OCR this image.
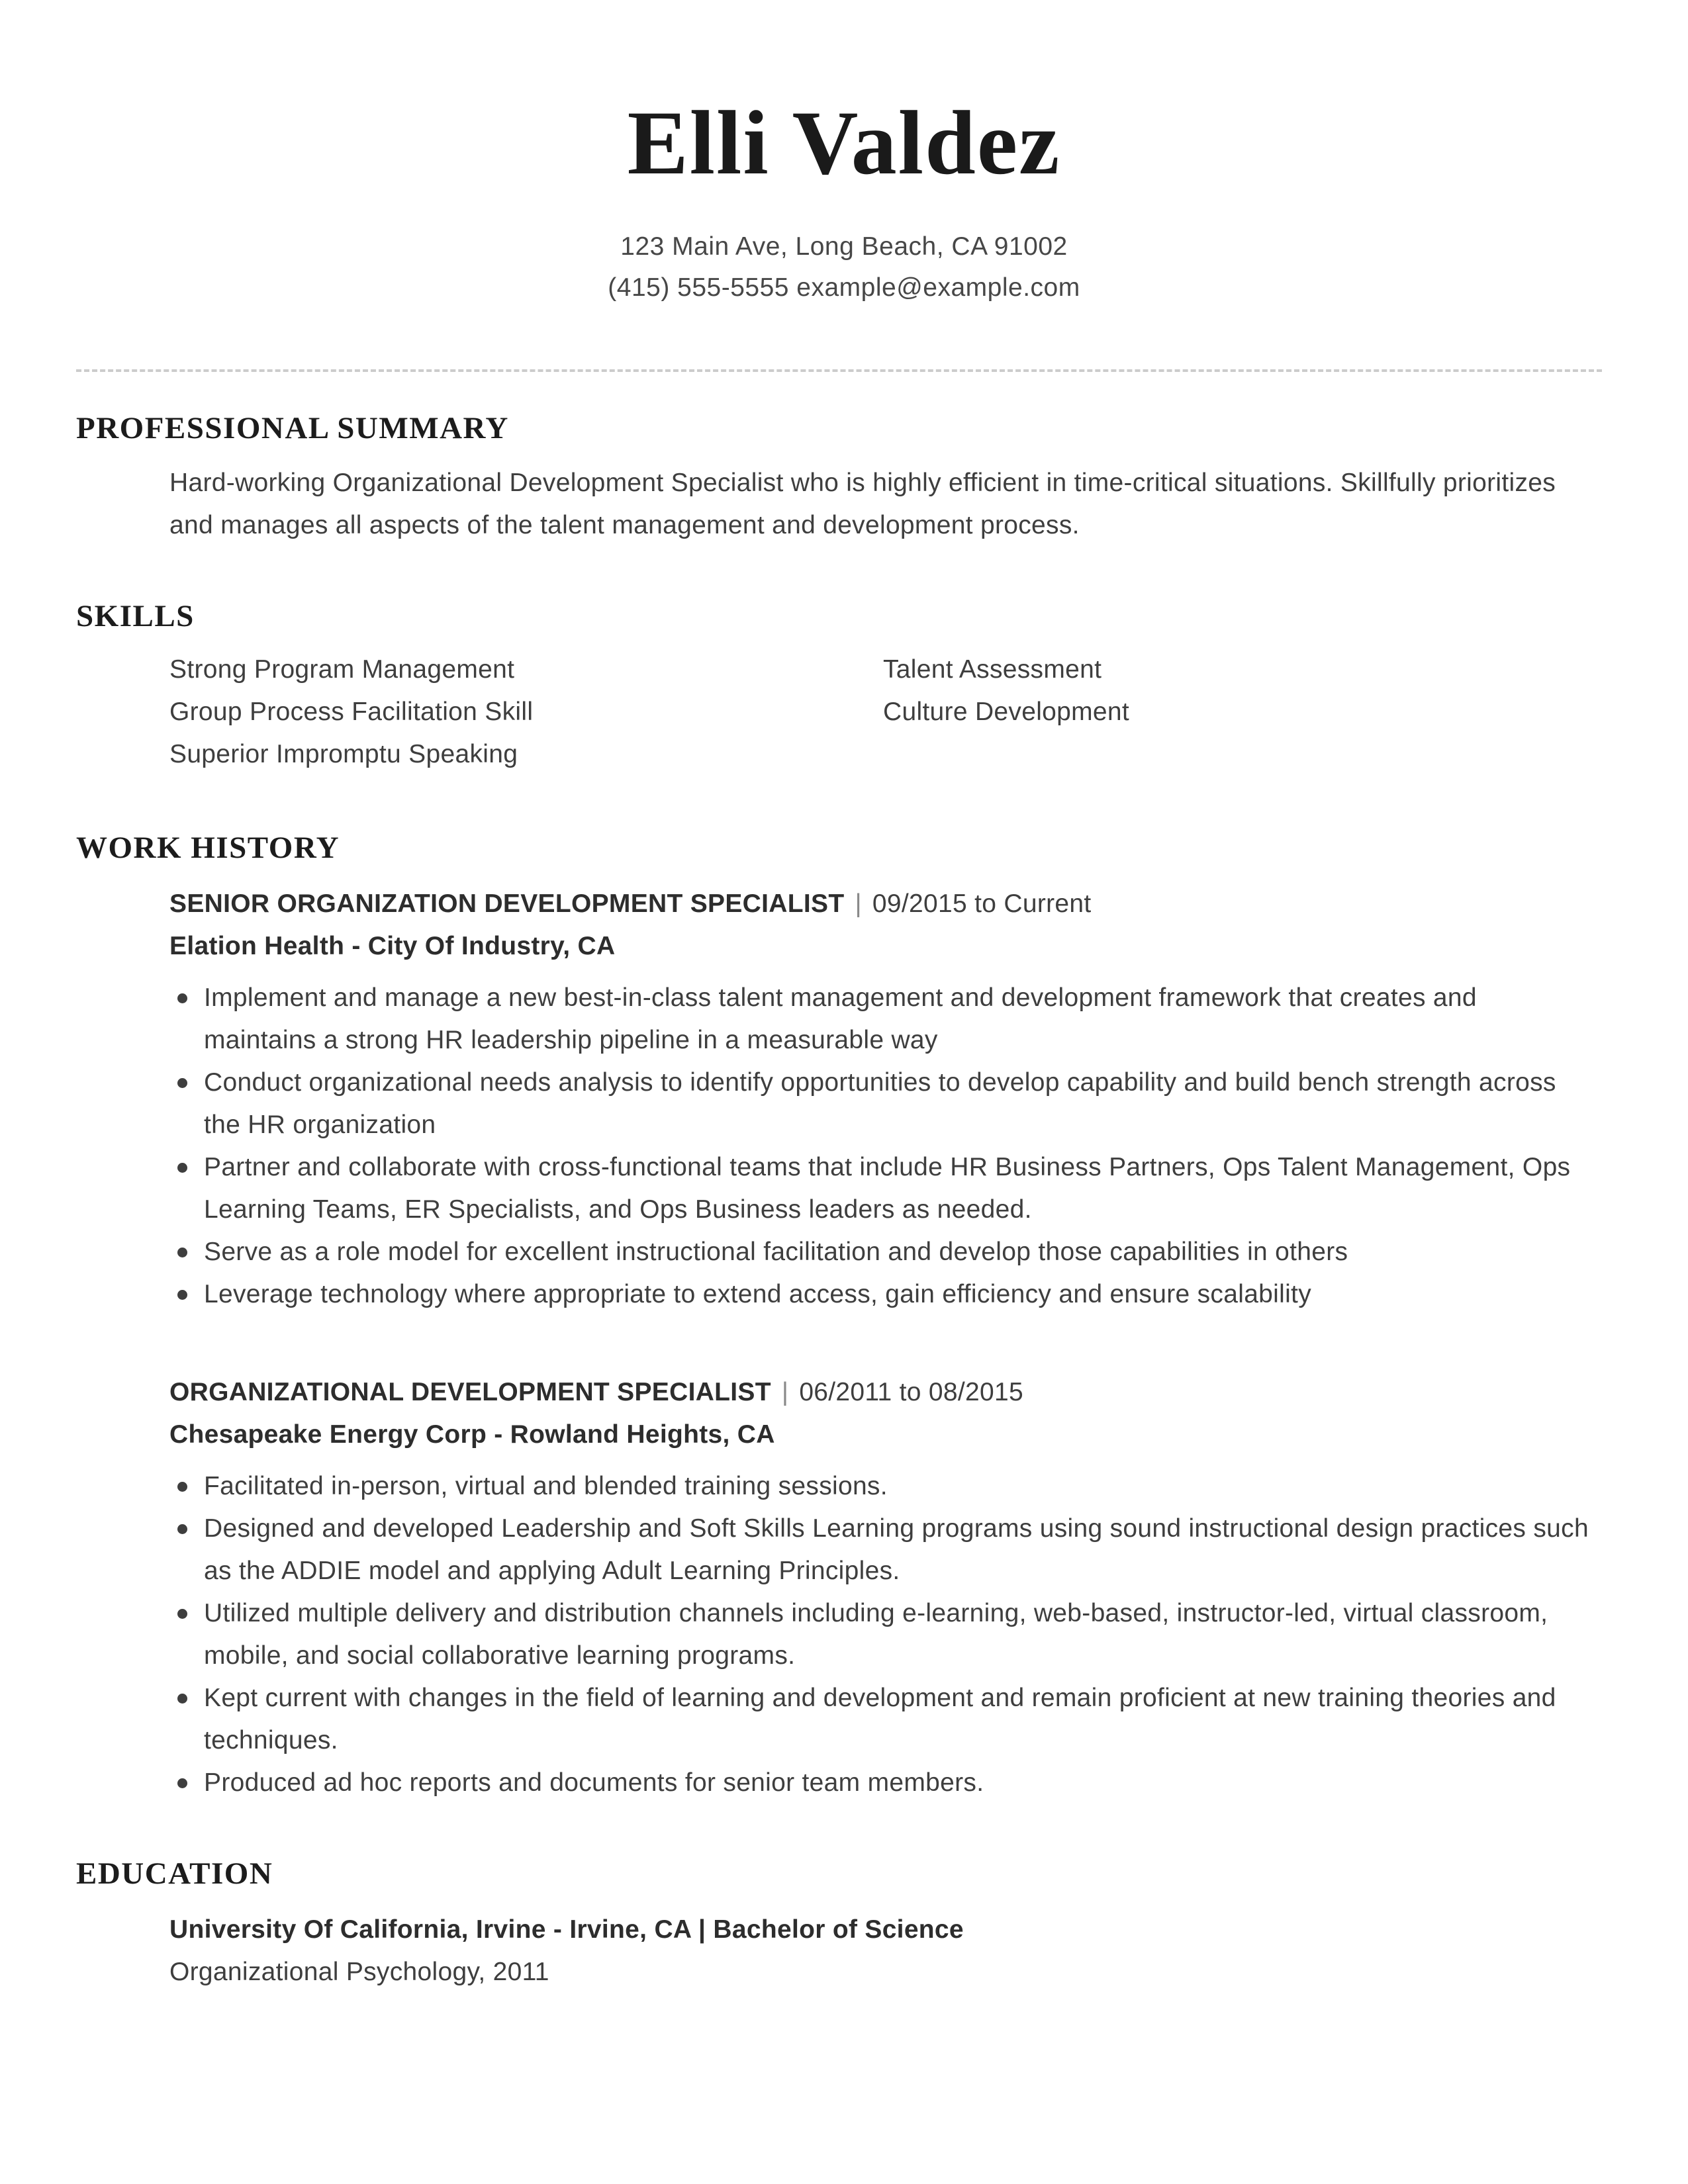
Elli Valdez
123 Main Ave, Long Beach, CA 91002
(415) 555-5555 example@example.com
PROFESSIONAL SUMMARY
Hard-working Organizational Development Specialist who is highly efficient in time-critical situations. Skillfully prioritizes and manages all aspects of the talent management and development process.
SKILLS
Strong Program Management
Group Process Facilitation Skill
Superior Impromptu Speaking
Talent Assessment
Culture Development
WORK HISTORY
SENIOR ORGANIZATION DEVELOPMENT SPECIALIST | 09/2015 to Current
Elation Health - City Of Industry, CA
Implement and manage a new best-in-class talent management and development framework that creates and maintains a strong HR leadership pipeline in a measurable way
Conduct organizational needs analysis to identify opportunities to develop capability and build bench strength across the HR organization
Partner and collaborate with cross-functional teams that include HR Business Partners, Ops Talent Management, Ops Learning Teams, ER Specialists, and Ops Business leaders as needed.
Serve as a role model for excellent instructional facilitation and develop those capabilities in others
Leverage technology where appropriate to extend access, gain efficiency and ensure scalability
ORGANIZATIONAL DEVELOPMENT SPECIALIST | 06/2011 to 08/2015
Chesapeake Energy Corp - Rowland Heights, CA
Facilitated in-person, virtual and blended training sessions.
Designed and developed Leadership and Soft Skills Learning programs using sound instructional design practices such as the ADDIE model and applying Adult Learning Principles.
Utilized multiple delivery and distribution channels including e-learning, web-based, instructor-led, virtual classroom, mobile, and social collaborative learning programs.
Kept current with changes in the field of learning and development and remain proficient at new training theories and techniques.
Produced ad hoc reports and documents for senior team members.
EDUCATION
University Of California, Irvine - Irvine, CA | Bachelor of Science
Organizational Psychology, 2011
